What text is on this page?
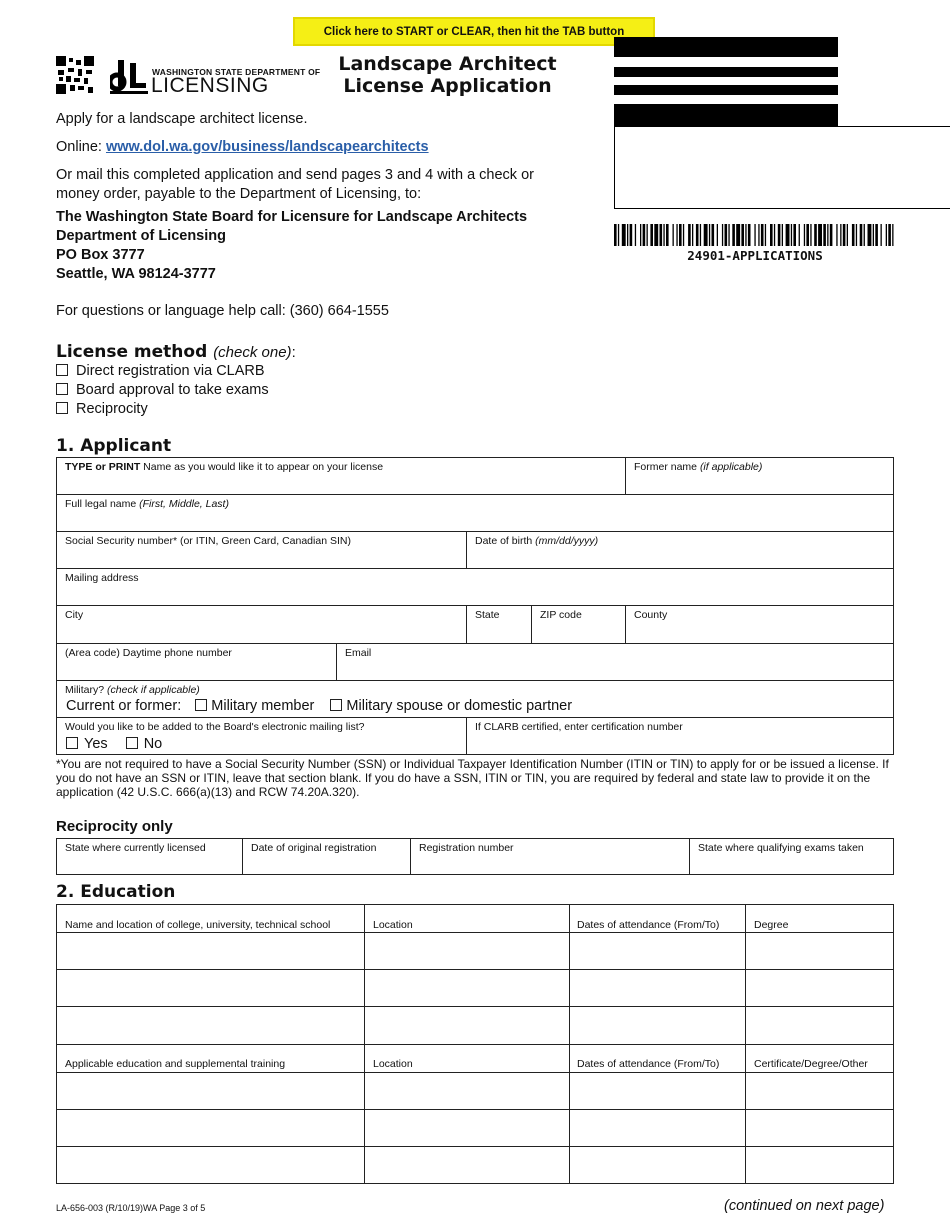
Click here to START or CLEAR, then hit the TAB button
WASHINGTON STATE DEPARTMENT OF
LICENSING
Landscape Architect
License Application
24901-APPLICATIONS
Apply for a landscape architect license.
Online: www.dol.wa.gov/business/landscapearchitects
Or mail this completed application and send pages 3 and 4 with a check or
money order, payable to the Department of Licensing, to:
The Washington State Board for Licensure for Landscape Architects
Department of Licensing
PO Box 3777
Seattle, WA 98124-3777
For questions or language help call: (360) 664-1555
License method (check one):
Direct registration via CLARB
Board approval to take exams
Reciprocity
1. Applicant
TYPE or PRINT Name as you would like it to appear on your license	Former name (if applicable)
Full legal name (First, Middle, Last)
Social Security number* (or ITIN, Green Card, Canadian SIN)	Date of birth (mm/dd/yyyy)
Mailing address
City	State	ZIP code	County
(Area code) Daytime phone number	Email
Military? (check if applicable)
Current or former: Military member Military spouse or domestic partner
Would you like to be added to the Board's electronic mailing list?
Yes No
If CLARB certified, enter certification number
*You are not required to have a Social Security Number (SSN) or Individual Taxpayer Identification Number (ITIN or TIN) to apply for or be issued a license. If you do not have an SSN or ITIN, leave that section blank. If you do have a SSN, ITIN or TIN, you are required by federal and state law to provide it on the application (42 U.S.C. 666(a)(13) and RCW 74.20A.320).
Reciprocity only
State where currently licensed	Date of original registration	Registration number	State where qualifying exams taken
2. Education
Name and location of college, university, technical school	Location	Dates of attendance (From/To)	Degree
Applicable education and supplemental training	Location	Dates of attendance (From/To)	Certificate/Degree/Other
LA-656-003 (R/10/19)WA Page 3 of 5	(continued on next page)
